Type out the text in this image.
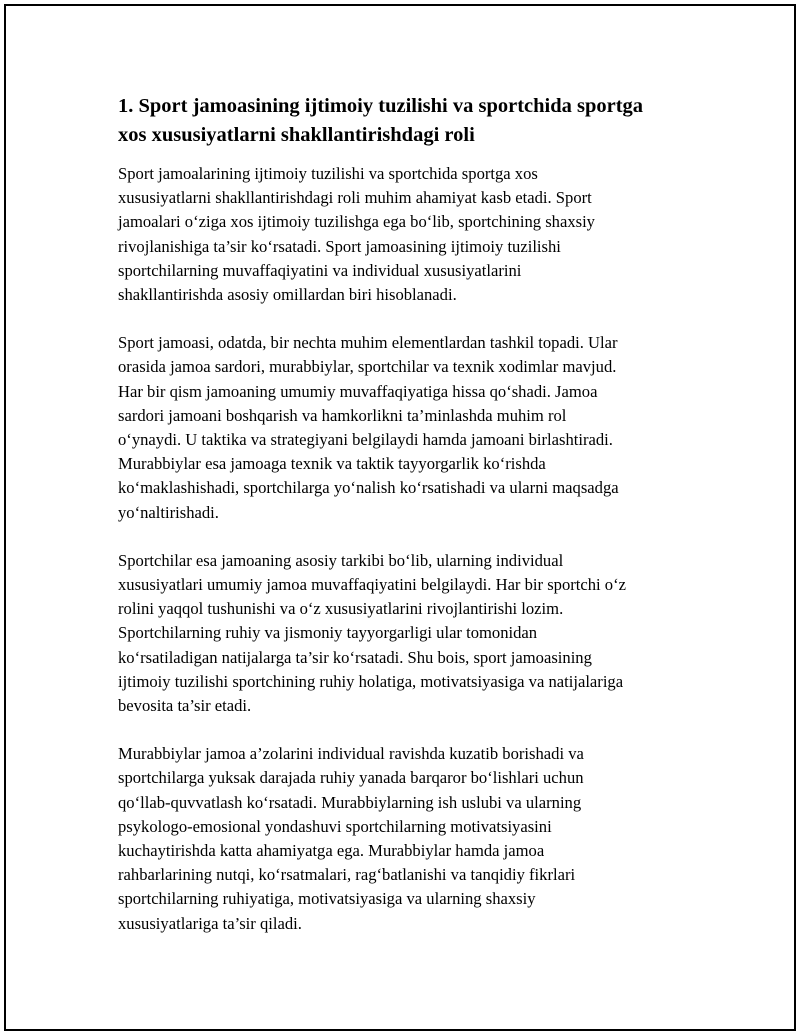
1. Sport jamoasining ijtimoiy tuzilishi va sportchida sportga
xos xususiyatlarni shakllantirishdagi roli

Sport jamoalarining ijtimoiy tuzilishi va sportchida sportga xos
xususiyatlarni shakllantirishdagi roli muhim ahamiyat kasb etadi. Sport
jamoalari o‘ziga xos ijtimoiy tuzilishga ega bo‘lib, sportchining shaxsiy
rivojlanishiga ta’sir ko‘rsatadi. Sport jamoasining ijtimoiy tuzilishi
sportchilarning muvaffaqiyatini va individual xususiyatlarini
shakllantirishda asosiy omillardan biri hisoblanadi.

Sport jamoasi, odatda, bir nechta muhim elementlardan tashkil topadi. Ular
orasida jamoa sardori, murabbiylar, sportchilar va texnik xodimlar mavjud.
Har bir qism jamoaning umumiy muvaffaqiyatiga hissa qo‘shadi. Jamoa
sardori jamoani boshqarish va hamkorlikni ta’minlashda muhim rol
o‘ynaydi. U taktika va strategiyani belgilaydi hamda jamoani birlashtiradi.
Murabbiylar esa jamoaga texnik va taktik tayyorgarlik ko‘rishda
ko‘maklashishadi, sportchilarga yo‘nalish ko‘rsatishadi va ularni maqsadga
yo‘naltirishadi.

Sportchilar esa jamoaning asosiy tarkibi bo‘lib, ularning individual
xususiyatlari umumiy jamoa muvaffaqiyatini belgilaydi. Har bir sportchi o‘z
rolini yaqqol tushunishi va o‘z xususiyatlarini rivojlantirishi lozim.
Sportchilarning ruhiy va jismoniy tayyorgarligi ular tomonidan
ko‘rsatiladigan natijalarga ta’sir ko‘rsatadi. Shu bois, sport jamoasining
ijtimoiy tuzilishi sportchining ruhiy holatiga, motivatsiyasiga va natijalariga
bevosita ta’sir etadi.

Murabbiylar jamoa a’zolarini individual ravishda kuzatib borishadi va
sportchilarga yuksak darajada ruhiy yanada barqaror bo‘lishlari uchun
qo‘llab-quvvatlash ko‘rsatadi. Murabbiylarning ish uslubi va ularning
psykologo-emosional yondashuvi sportchilarning motivatsiyasini
kuchaytirishda katta ahamiyatga ega. Murabbiylar hamda jamoa
rahbarlarining nutqi, ko‘rsatmalari, rag‘batlanishi va tanqidiy fikrlari
sportchilarning ruhiyatiga, motivatsiyasiga va ularning shaxsiy
xususiyatlariga ta’sir qiladi.
